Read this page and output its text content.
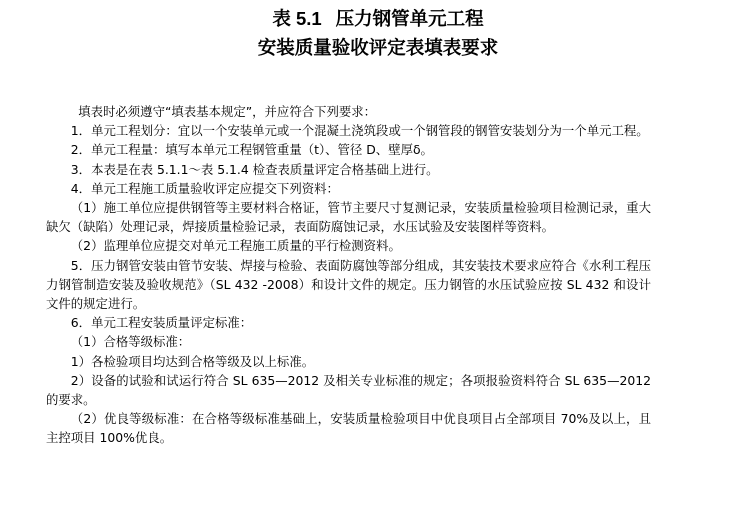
表 5.1 压力钢管单元工程
安装质量验收评定表填表要求

填表时必须遵守“填表基本规定”，并应符合下列要求：

1．单元工程划分：宜以一个安装单元或一个混凝土浇筑段或一个钢管段的钢管安装划分为一个单元工程。

2．单元工程量：填写本单元工程钢管重量（t）、管径 D、壁厚δ。

3．本表是在表 5.1.1～表 5.1.4 检查表质量评定合格基础上进行。

4．单元工程施工质量验收评定应提交下列资料：

（1）施工单位应提供钢管等主要材料合格证，管节主要尺寸复测记录，安装质量检验项目检测记录，重大缺欠（缺陷）处理记录，焊接质量检验记录，表面防腐蚀记录，水压试验及安装图样等资料。

（2）监理单位应提交对单元工程施工质量的平行检测资料。

5．压力钢管安装由管节安装、焊接与检验、表面防腐蚀等部分组成，其安装技术要求应符合《水利工程压力钢管制造安装及验收规范》（SL 432 -2008）和设计文件的规定。压力钢管的水压试验应按 SL 432 和设计文件的规定进行。

6．单元工程安装质量评定标准：

（1）合格等级标准：

1）各检验项目均达到合格等级及以上标准。

2）设备的试验和试运行符合 SL 635—2012 及相关专业标准的规定；各项报验资料符合 SL 635—2012 的要求。

（2）优良等级标准：在合格等级标准基础上，安装质量检验项目中优良项目占全部项目 70%及以上，且主控项目 100%优良。
